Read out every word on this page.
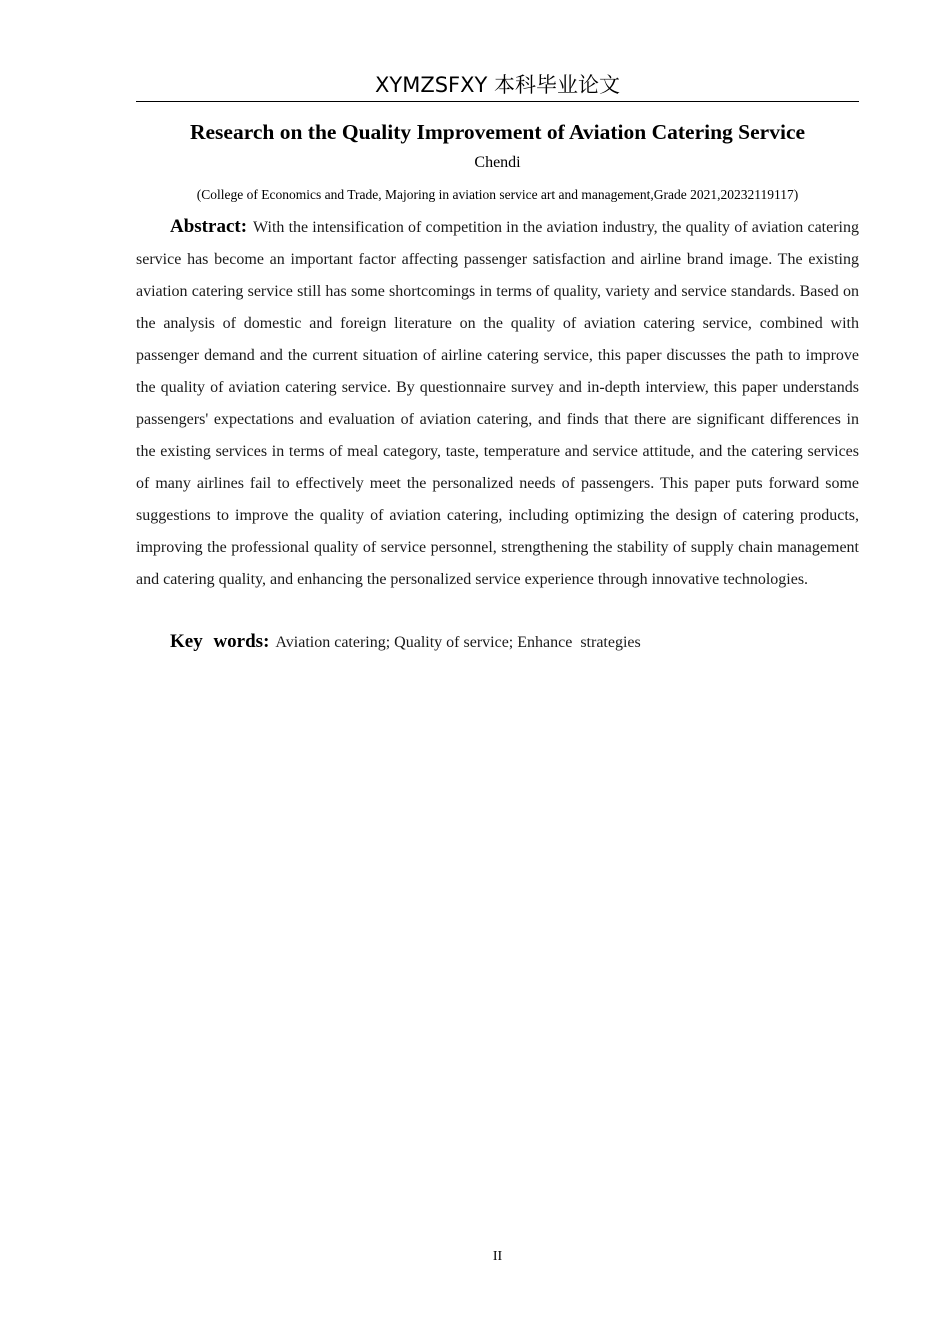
XYMZSFXY 本科毕业论文
Research on the Quality Improvement of Aviation Catering Service
Chendi
(College of Economics and Trade, Majoring in aviation service art and management,Grade 2021,20232119117)
Abstract: With the intensification of competition in the aviation industry, the quality of aviation catering service has become an important factor affecting passenger satisfaction and airline brand image. The existing aviation catering service still has some shortcomings in terms of quality, variety and service standards. Based on the analysis of domestic and foreign literature on the quality of aviation catering service, combined with passenger demand and the current situation of airline catering service, this paper discusses the path to improve the quality of aviation catering service. By questionnaire survey and in-depth interview, this paper understands passengers' expectations and evaluation of aviation catering, and finds that there are significant differences in the existing services in terms of meal category, taste, temperature and service attitude, and the catering services of many airlines fail to effectively meet the personalized needs of passengers. This paper puts forward some suggestions to improve the quality of aviation catering, including optimizing the design of catering products, improving the professional quality of service personnel, strengthening the stability of supply chain management and catering quality, and enhancing the personalized service experience through innovative technologies.
Key words: Aviation catering; Quality of service; Enhance  strategies
II
